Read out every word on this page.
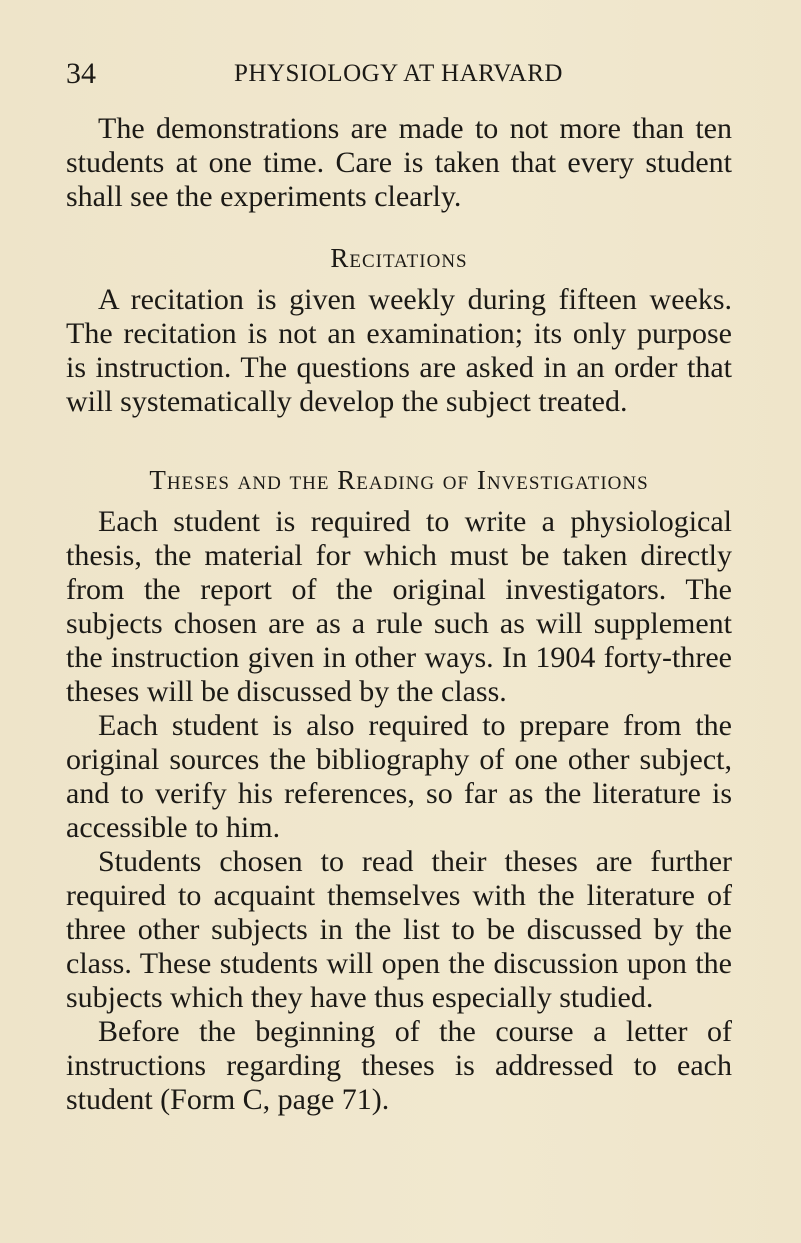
34	PHYSIOLOGY AT HARVARD

The demonstrations are made to not more than ten students at one time. Care is taken that every student shall see the experiments clearly.

Recitations

A recitation is given weekly during fifteen weeks. The recitation is not an examination; its only purpose is instruction. The questions are asked in an order that will systematically develop the subject treated.

Theses and the Reading of Investigations

Each student is required to write a physiological thesis, the material for which must be taken directly from the report of the original investigators. The subjects chosen are as a rule such as will supplement the instruction given in other ways. In 1904 forty-three theses will be discussed by the class.

Each student is also required to prepare from the original sources the bibliography of one other subject, and to verify his references, so far as the literature is accessible to him.

Students chosen to read their theses are further required to acquaint themselves with the literature of three other subjects in the list to be discussed by the class. These students will open the discussion upon the subjects which they have thus especially studied.

Before the beginning of the course a letter of instructions regarding theses is addressed to each student (Form C, page 71).
